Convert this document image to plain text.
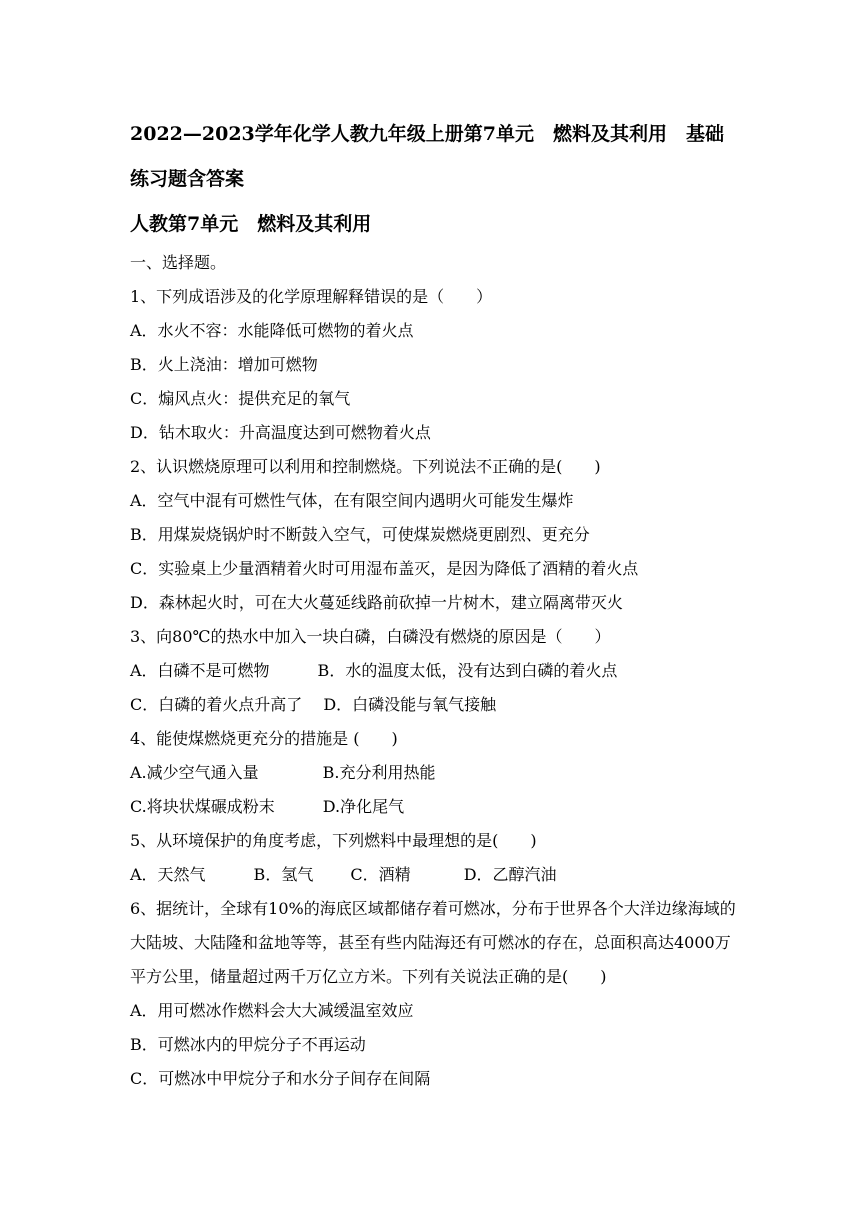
2022—2023学年化学人教九年级上册第7单元　燃料及其利用　基础练习题含答案

人教第7单元　燃料及其利用

一、选择题。

1、下列成语涉及的化学原理解释错误的是（　　）

A．水火不容：水能降低可燃物的着火点

B．火上浇油：增加可燃物

C．煽风点火：提供充足的氧气

D．钻木取火：升高温度达到可燃物着火点

2、认识燃烧原理可以利用和控制燃烧。下列说法不正确的是(　　)

A．空气中混有可燃性气体，在有限空间内遇明火可能发生爆炸

B．用煤炭烧锅炉时不断鼓入空气，可使煤炭燃烧更剧烈、更充分

C．实验桌上少量酒精着火时可用湿布盖灭，是因为降低了酒精的着火点

D．森林起火时，可在大火蔓延线路前砍掉一片树木，建立隔离带灭火

3、向80℃的热水中加入一块白磷，白磷没有燃烧的原因是（　　）

A．白磷不是可燃物　　　B．水的温度太低，没有达到白磷的着火点

C．白磷的着火点升高了　 D．白磷没能与氧气接触

4、能使煤燃烧更充分的措施是 (　　)

A.减少空气通入量　　　　B.充分利用热能

C.将块状煤碾成粉末　　　D.净化尾气

5、从环境保护的角度考虑，下列燃料中最理想的是(　　)

A．天然气　　　B．氢气　　 C．酒精　　　 D．乙醇汽油

6、据统计，全球有10%的海底区域都储存着可燃冰，分布于世界各个大洋边缘海域的大陆坡、大陆隆和盆地等等，甚至有些内陆海还有可燃冰的存在，总面积高达4000万平方公里，储量超过两千万亿立方米。下列有关说法正确的是(　　)

A．用可燃冰作燃料会大大减缓温室效应

B．可燃冰内的甲烷分子不再运动

C．可燃冰中甲烷分子和水分子间存在间隔
